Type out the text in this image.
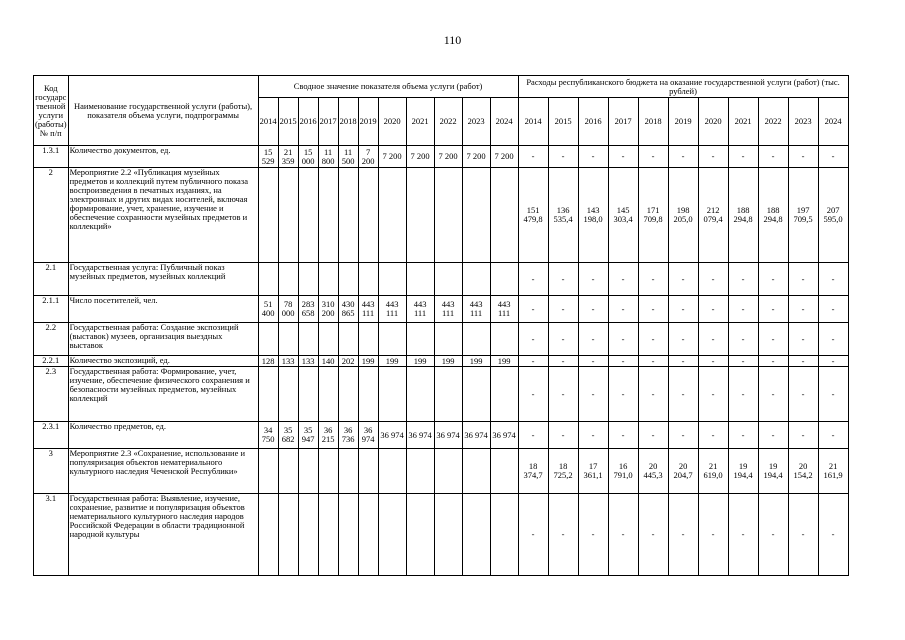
110
Код государс твенной услуги (работы) № п/п	Наименование государственной услуги (работы), показателя объема услуги, подпрограммы	Сводное значение показателя объема услуги (работ)											Расходы республиканского бюджета на оказание государственной услуги (работ) (тыс. рублей)										
		2014	2015	2016	2017	2018	2019	2020	2021	2022	2023	2024	2014	2015	2016	2017	2018	2019	2020	2021	2022	2023	2024
1.3.1	Количество документов, ед.	15 529	21 359	15 000	11 800	11 500	7 200	7 200	7 200	7 200	7 200	7 200	-	-	-	-	-	-	-	-	-	-	-
2	Мероприятие 2.2 «Публикация музейных предметов и коллекций путем публичного показа воспроизведения в печатных изданиях, на электронных и других видах носителей, включая формирование, учет, хранение, изучение и обеспечение сохранности музейных предметов и коллекций»												151 479,8	136 535,4	143 198,0	145 303,4	171 709,8	198 205,0	212 079,4	188 294,8	188 294,8	197 709,5	207 595,0
2.1	Государственная услуга: Публичный показ музейных предметов, музейных коллекций												-	-	-	-	-	-	-	-	-	-	-
2.1.1	Число посетителей, чел.	51 400	78 000	283 658	310 200	430 865	443 111	443 111	443 111	443 111	443 111	443 111	-	-	-	-	-	-	-	-	-	-	-
2.2	Государственная работа: Создание экспозиций (выставок) музеев, организация выездных выставок												-	-	-	-	-	-	-	-	-	-	-
2.2.1	Количество экспозиций, ед.	128	133	133	140	202	199	199	199	199	199	199	-	-	-	-	-	-	-	-	-	-	-
2.3	Государственная работа: Формирование, учет, изучение, обеспечение физического сохранения и безопасности музейных предметов, музейных коллекций												-	-	-	-	-	-	-	-	-	-	-
2.3.1	Количество предметов, ед.	34 750	35 682	35 947	36 215	36 736	36 974	36 974	36 974	36 974	36 974	36 974	-	-	-	-	-	-	-	-	-	-	-
3	Мероприятие 2.3 «Сохранение, использование и популяризация объектов нематериального культурного наследия Чеченской Республики»												18 374,7	18 725,2	17 361,1	16 791,0	20 445,3	20 204,7	21 619,0	19 194,4	19 194,4	20 154,2	21 161,9
3.1	Государственная работа: Выявление, изучение, сохранение, развитие и популяризация объектов нематериального культурного наследия народов Российской Федерации в области традиционной народной культуры												-	-	-	-	-	-	-	-	-	-	-
